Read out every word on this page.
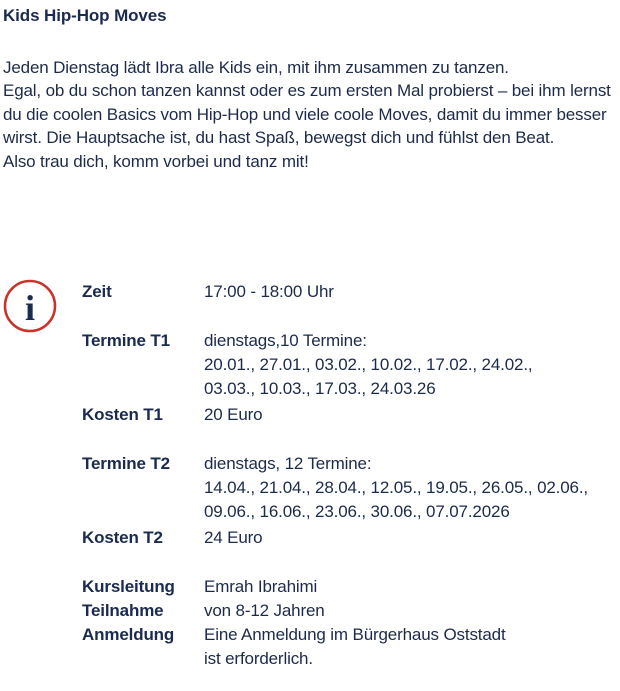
Kids Hip-Hop Moves

Jeden Dienstag lädt Ibra alle Kids ein, mit ihm zusammen zu tanzen.

Egal, ob du schon tanzen kannst oder es zum ersten Mal probierst – bei ihm lernst du die coolen Basics vom Hip-Hop und viele coole Moves, damit du immer besser wirst. Die Hauptsache ist, du hast Spaß, bewegst dich und fühlst den Beat.

Also trau dich, komm vorbei und tanz mit!

i	Zeit	17:00 - 18:00 Uhr
Termine T1	dienstags,10 Termine:
20.01., 27.01., 03.02., 10.02., 17.02., 24.02.,
03.03., 10.03., 17.03., 24.03.26
Kosten T1	20 Euro
Termine T2	dienstags, 12 Termine:
14.04., 21.04., 28.04., 12.05., 19.05., 26.05., 02.06.,
09.06., 16.06., 23.06., 30.06., 07.07.2026
Kosten T2	24 Euro
Kursleitung	Emrah Ibrahimi
Teilnahme	von 8-12 Jahren
Anmeldung	Eine Anmeldung im Bürgerhaus Oststadt
ist erforderlich.
